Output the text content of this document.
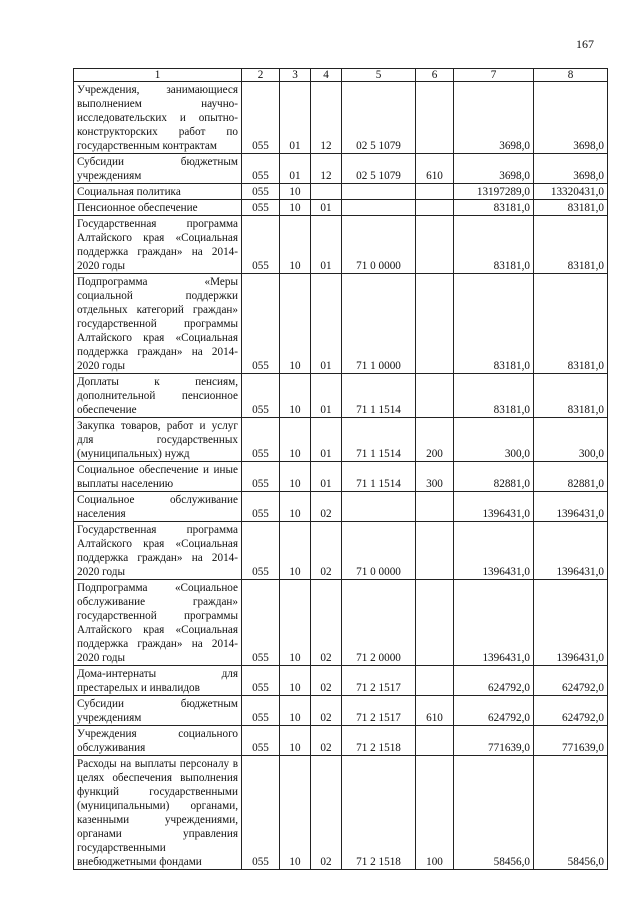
167
1	2	3	4	5	6	7	8
Учреждения, занимающиеся выполнением научно-исследовательских и опытно-конструкторских работ по государственным контрактам	055	01	12	02 5 1079		3698,0	3698,0
Субсидии бюджетным учреждениям	055	01	12	02 5 1079	610	3698,0	3698,0
Социальная политика	055	10				13197289,0	13320431,0
Пенсионное обеспечение	055	10	01			83181,0	83181,0
Государственная программа Алтайского края «Социальная поддержка граждан» на 2014-2020 годы	055	10	01	71 0 0000		83181,0	83181,0
Подпрограмма «Меры социальной поддержки отдельных категорий граждан» государственной программы Алтайского края «Социальная поддержка граждан» на 2014-2020 годы	055	10	01	71 1 0000		83181,0	83181,0
Доплаты к пенсиям, дополнительной пенсионное обеспечение	055	10	01	71 1 1514		83181,0	83181,0
Закупка товаров, работ и услуг для государственных (муниципальных) нужд	055	10	01	71 1 1514	200	300,0	300,0
Социальное обеспечение и иные выплаты населению	055	10	01	71 1 1514	300	82881,0	82881,0
Социальное обслуживание населения	055	10	02			1396431,0	1396431,0
Государственная программа Алтайского края «Социальная поддержка граждан» на 2014-2020 годы	055	10	02	71 0 0000		1396431,0	1396431,0
Подпрограмма «Социальное обслуживание граждан» государственной программы Алтайского края «Социальная поддержка граждан» на 2014-2020 годы	055	10	02	71 2 0000		1396431,0	1396431,0
Дома-интернаты для престарелых и инвалидов	055	10	02	71 2 1517		624792,0	624792,0
Субсидии бюджетным учреждениям	055	10	02	71 2 1517	610	624792,0	624792,0
Учреждения социального обслуживания	055	10	02	71 2 1518		771639,0	771639,0
Расходы на выплаты персоналу в целях обеспечения выполнения функций государственными (муниципальными) органами, казенными учреждениями, органами управления государственными внебюджетными фондами	055	10	02	71 2 1518	100	58456,0	58456,0
